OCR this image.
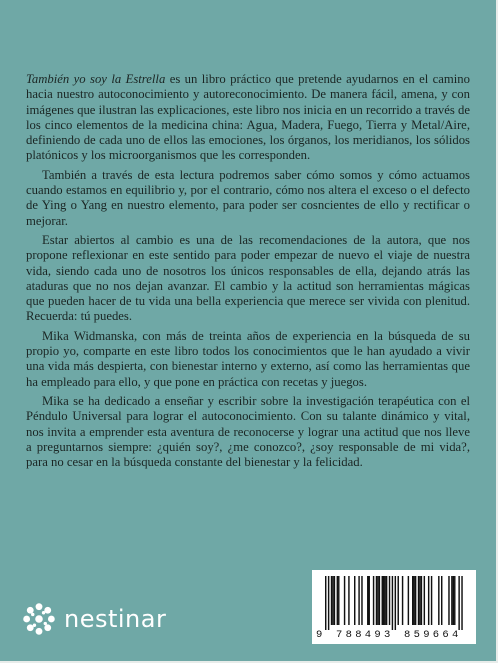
También yo soy la Estrella es un libro práctico que pretende ayudarnos en el camino hacia nuestro autoconocimiento y autoreconocimiento. De manera fácil, amena, y con imágenes que ilustran las explicaciones, este libro nos inicia en un recorrido a través de los cinco elementos de la medicina china: Agua, Madera, Fuego, Tierra y Metal/Aire, definiendo de cada uno de ellos las emociones, los órganos, los meridianos, los sólidos platónicos y los microorganismos que les corresponden.

También a través de esta lectura podremos saber cómo somos y cómo actuamos cuando estamos en equilibrio y, por el contrario, cómo nos altera el exceso o el defecto de Ying o Yang en nuestro elemento, para poder ser cosncientes de ello y rectificar o mejorar.

Estar abiertos al cambio es una de las recomendaciones de la autora, que nos propone reflexionar en este sentido para poder empezar de nuevo el viaje de nuestra vida, siendo cada uno de nosotros los únicos responsables de ella, dejando atrás las ataduras que no nos dejan avanzar. El cambio y la actitud son herramientas mágicas que pueden hacer de tu vida una bella experiencia que merece ser vivida con plenitud. Recuerda: tú puedes.

Mika Widmanska, con más de treinta años de experiencia en la búsqueda de su propio yo, comparte en este libro todos los conocimientos que le han ayudado a vivir una vida más despierta, con bienestar interno y externo, así como las herramientas que ha empleado para ello, y que pone en práctica con recetas y juegos.

Mika se ha dedicado a enseñar y escribir sobre la investigación terapéutica con el Péndulo Universal para lograr el autoconocimiento. Con su talante dinámico y vital, nos invita a emprender esta aventura de reconocerse y lograr una actitud que nos lleve a preguntarnos siempre: ¿quién soy?, ¿me conozco?, ¿soy responsable de mi vida?, para no cesar en la búsqueda constante del bienestar y la felicidad.

nestinar
9 788493 859664
